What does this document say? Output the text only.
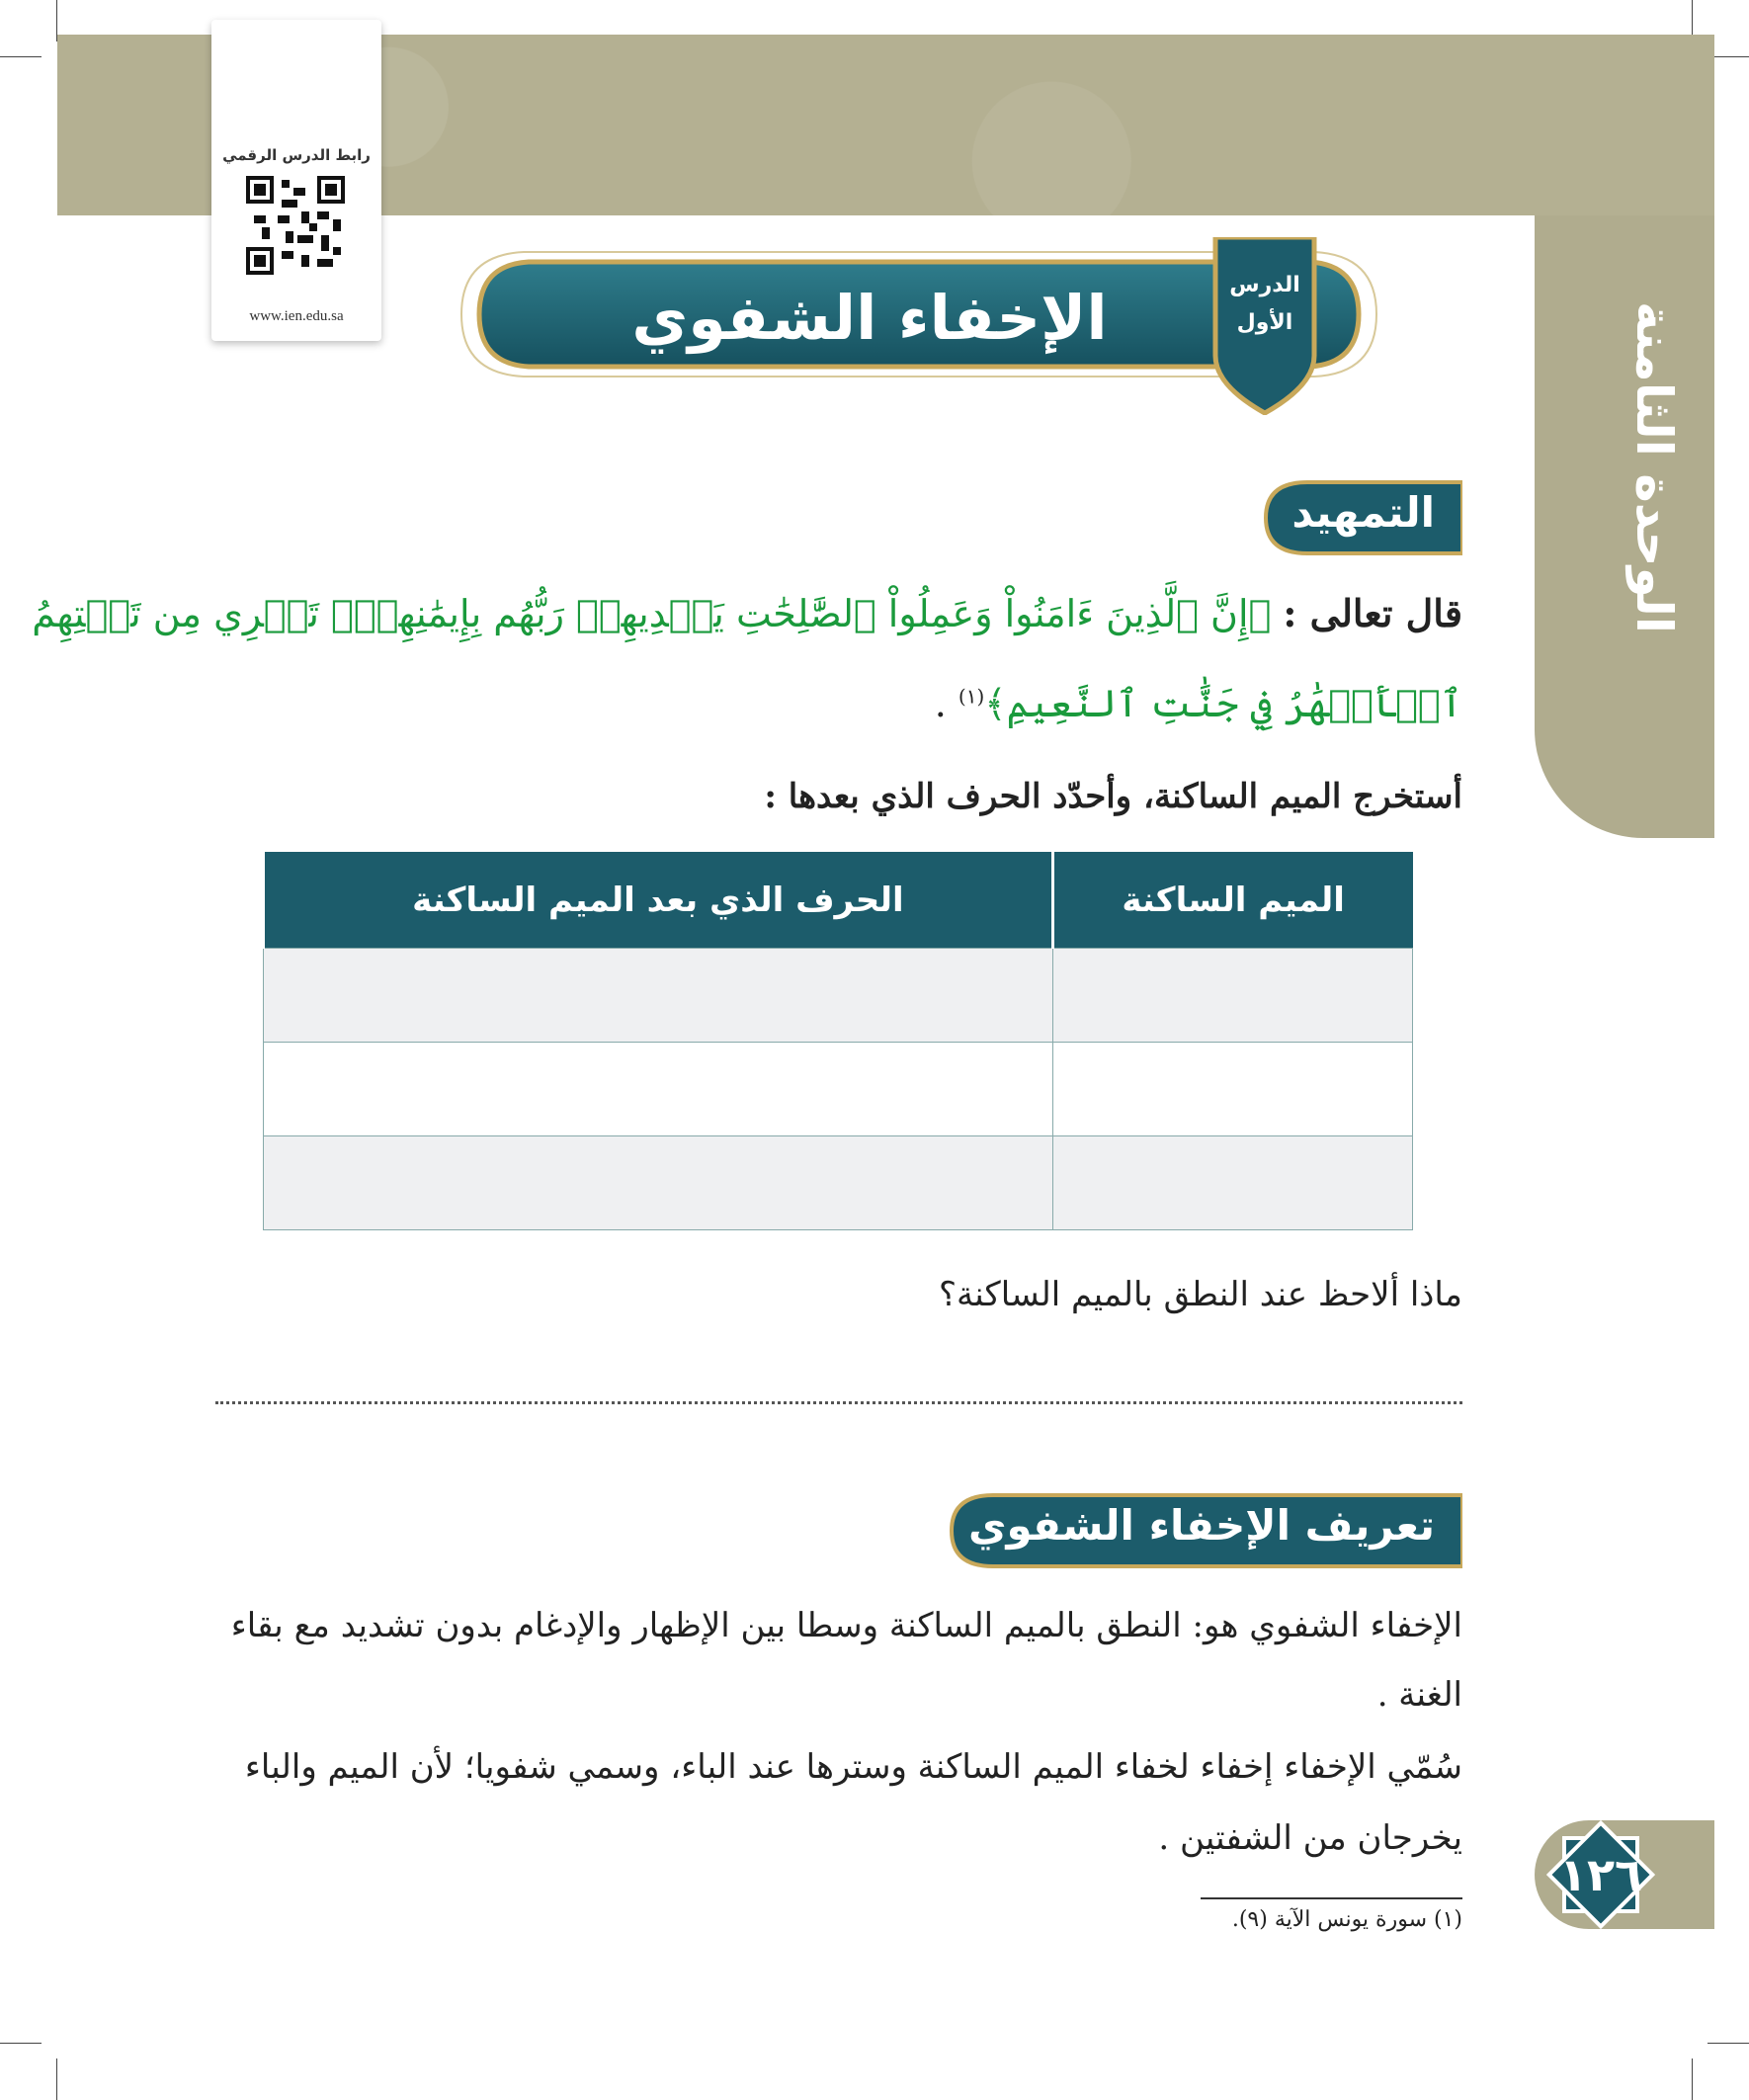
الوحدة الثامنة
رابط الدرس الرقمي
www.ien.edu.sa	الإخفاء الشفوي	الدرس
الأول
التمهيد
قال تعالى : ﴿إِنَّ ٱلَّذِينَ ءَامَنُواْ وَعَمِلُواْ ٱلصَّٰلِحَٰتِ يَهۡدِيهِمۡ رَبُّهُم بِإِيمَٰنِهِمۡۖ تَجۡرِي مِن تَحۡتِهِمُ
ٱلۡأَنۡهَٰرُ فِي جَنَّٰتِ ٱلنَّعِيمِ﴾$^{(١)}$ .
أستخرج الميم الساكنة، وأحدّد الحرف الذي بعدها :
الميم الساكنة	الحرف الذي بعد الميم الساكنة

ماذا ألاحظ عند النطق بالميم الساكنة؟
تعريف الإخفاء الشفوي
الإخفاء الشفوي هو: النطق بالميم الساكنة وسطا بين الإظهار والإدغام بدون تشديد مع بقاء
الغنة .
سُمّي الإخفاء إخفاء لخفاء الميم الساكنة وسترها عند الباء، وسمي شفويا؛ لأن الميم والباء
يخرجان من الشفتين .
(١) سورة يونس الآية (٩).
١٢٦
